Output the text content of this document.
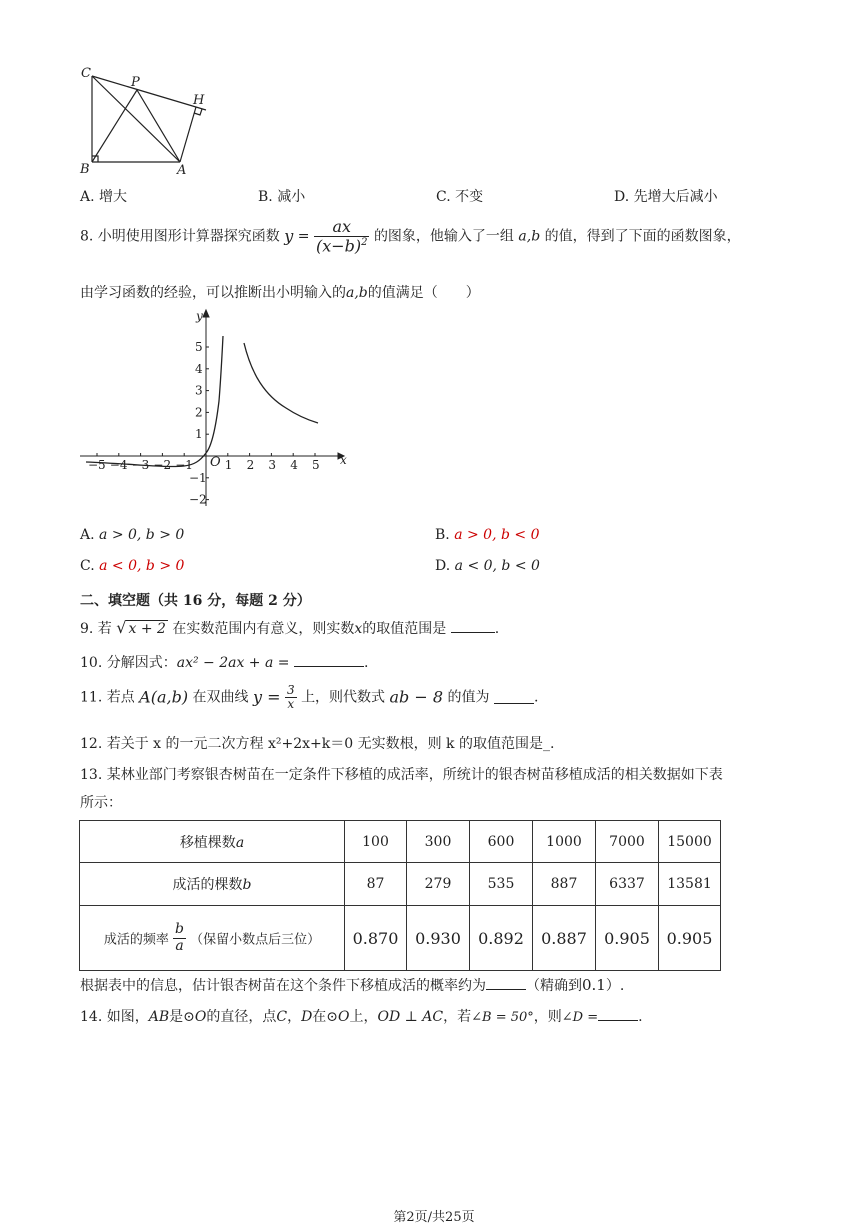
C
P
H
B	A
A. 增大	B. 减小	C. 不变	D. 先增大后减小
8. 小明使用图形计算器探究函数 $y = \frac{ax}{(x-b)^2}$ 的图象，他输入了一组 a,b 的值，得到了下面的函数图象，
由学习函数的经验，可以推断出小明输入的a,b的值满足（　　）
−5 −4 −3 −2 −1	1 2 3 4 5
5
4
3
2
1
−1
−2
y
x
O
A. a > 0, b > 0	B. a > 0, b < 0
C. a < 0, b > 0	D. a < 0, b < 0
二、填空题（共 16 分，每题 2 分）
9. 若 √ x + 2 在实数范围内有意义，则实数x的取值范围是	.
10. 分解因式：ax² − 2ax + a =	.
11. 若点 A(a,b) 在双曲线 $y = \frac{3}{x}$ 上，则代数式 ab − 8 的值为	.
12. 若关于 x 的一元二次方程 x²+2x+k＝0 无实数根，则 k 的取值范围是_.
13. 某林业部门考察银杏树苗在一定条件下移植的成活率，所统计的银杏树苗移植成活的相关数据如下表
所示：
移植棵数a	100	300	600	1000	7000	15000
成活的棵数b	87	279	535	887	6337	13581
成活的频率 $\frac{b}{a}$ （保留小数点后三位）	0.870	0.930	0.892	0.887	0.905	0.905
根据表中的信息，估计银杏树苗在这个条件下移植成活的概率约为	（精确到0.1）.
14. 如图，AB是⊙O的直径，点C，D在⊙O上，OD ⊥ AC，若∠B = 50°，则∠D =	.
第2页/共25页
